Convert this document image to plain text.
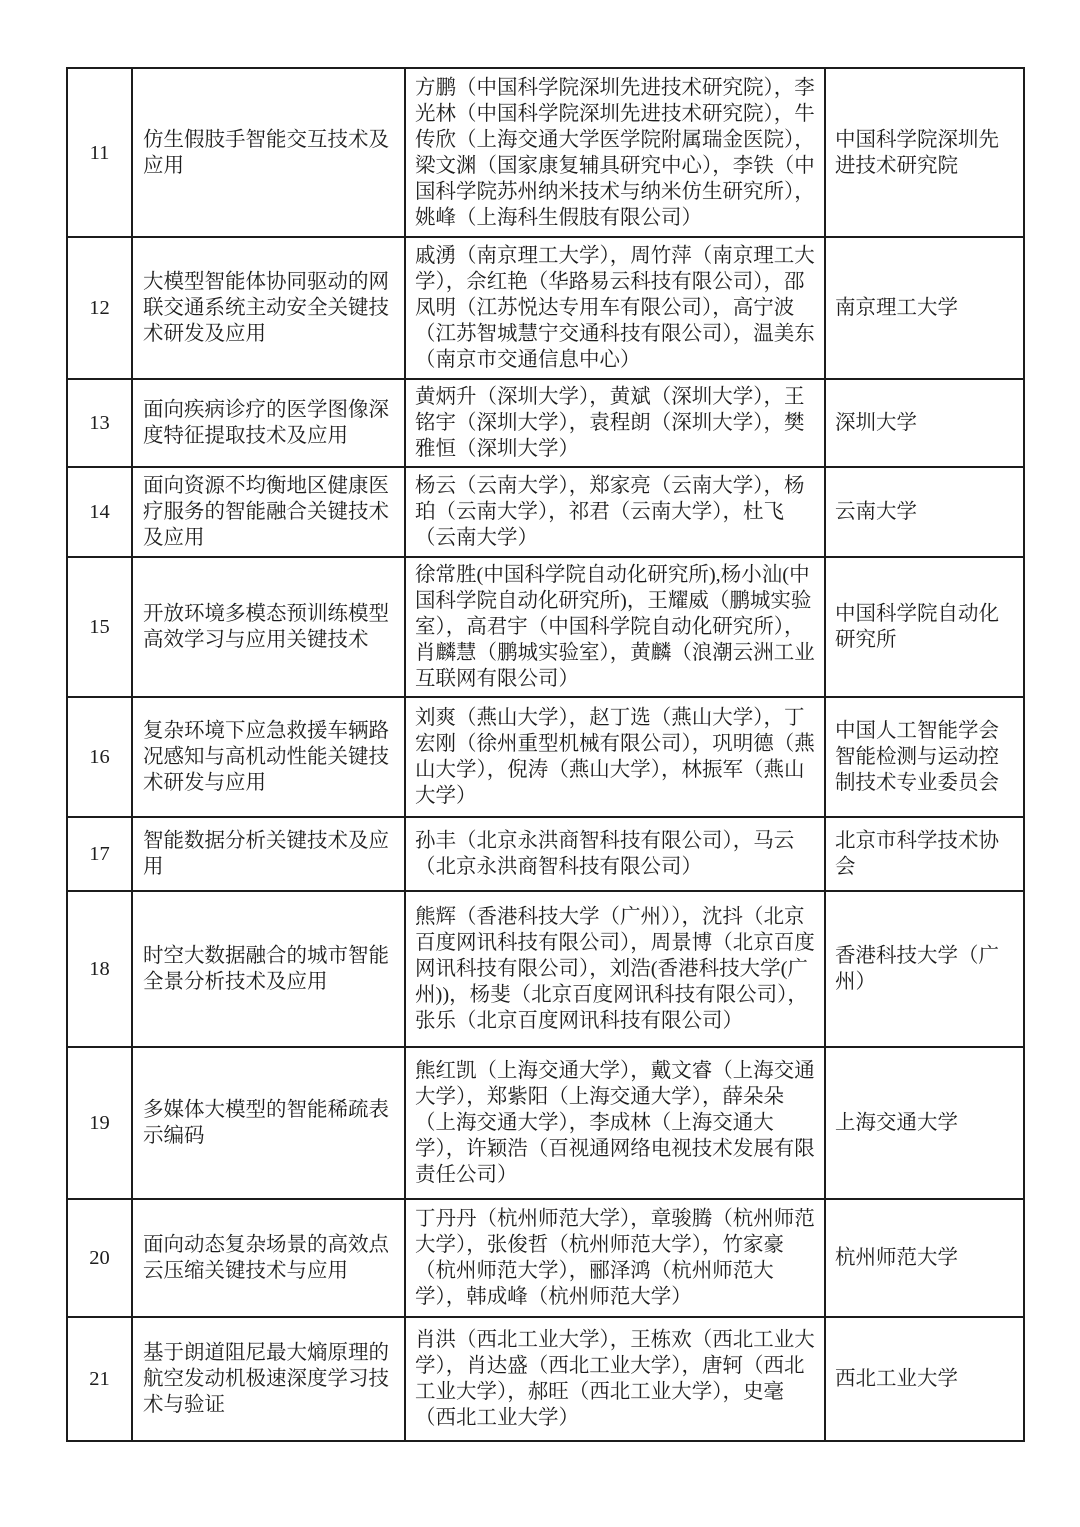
11	仿生假肢手智能交互技术及应用	方鹏（中国科学院深圳先进技术研究院），李光林（中国科学院深圳先进技术研究院），牛传欣（上海交通大学医学院附属瑞金医院），梁文渊（国家康复辅具研究中心），李铁（中国科学院苏州纳米技术与纳米仿生研究所），姚峰（上海科生假肢有限公司）	中国科学院深圳先进技术研究院
12	大模型智能体协同驱动的网联交通系统主动安全关键技术研发及应用	戚湧（南京理工大学），周竹萍（南京理工大学），佘红艳（华路易云科技有限公司），邵凤明（江苏悦达专用车有限公司），高宁波（江苏智城慧宁交通科技有限公司），温美东（南京市交通信息中心）	南京理工大学
13	面向疾病诊疗的医学图像深度特征提取技术及应用	黄炳升（深圳大学），黄斌（深圳大学），王铭宇（深圳大学），袁程朗（深圳大学），樊雅恒（深圳大学）	深圳大学
14	面向资源不均衡地区健康医疗服务的智能融合关键技术及应用	杨云（云南大学），郑家亮（云南大学），杨珀（云南大学），祁君（云南大学），杜飞（云南大学）	云南大学
15	开放环境多模态预训练模型高效学习与应用关键技术	徐常胜(中国科学院自动化研究所),杨小汕(中国科学院自动化研究所)，王耀威（鹏城实验室），高君宇（中国科学院自动化研究所），肖麟慧（鹏城实验室），黄麟（浪潮云洲工业互联网有限公司）	中国科学院自动化研究所
16	复杂环境下应急救援车辆路况感知与高机动性能关键技术研发与应用	刘爽（燕山大学），赵丁选（燕山大学），丁宏刚（徐州重型机械有限公司），巩明德（燕山大学），倪涛（燕山大学），林振军（燕山大学）	中国人工智能学会智能检测与运动控制技术专业委员会
17	智能数据分析关键技术及应用	孙丰（北京永洪商智科技有限公司），马云（北京永洪商智科技有限公司）	北京市科学技术协会
18	时空大数据融合的城市智能全景分析技术及应用	熊辉（香港科技大学（广州）），沈抖（北京百度网讯科技有限公司），周景博（北京百度网讯科技有限公司），刘浩(香港科技大学(广州))，杨斐（北京百度网讯科技有限公司），张乐（北京百度网讯科技有限公司）	香港科技大学（广州）
19	多媒体大模型的智能稀疏表示编码	熊红凯（上海交通大学），戴文睿（上海交通大学），郑紫阳（上海交通大学），薛朵朵（上海交通大学），李成林（上海交通大学），许颖浩（百视通网络电视技术发展有限责任公司）	上海交通大学
20	面向动态复杂场景的高效点云压缩关键技术与应用	丁丹丹（杭州师范大学），章骏腾（杭州师范大学），张俊哲（杭州师范大学），竹家豪（杭州师范大学），郦泽鸿（杭州师范大学），韩成峰（杭州师范大学）	杭州师范大学
21	基于朗道阻尼最大熵原理的航空发动机极速深度学习技术与验证	肖洪（西北工业大学），王栋欢（西北工业大学），肖达盛（西北工业大学），唐轲（西北工业大学），郝旺（西北工业大学），史毫（西北工业大学）	西北工业大学
